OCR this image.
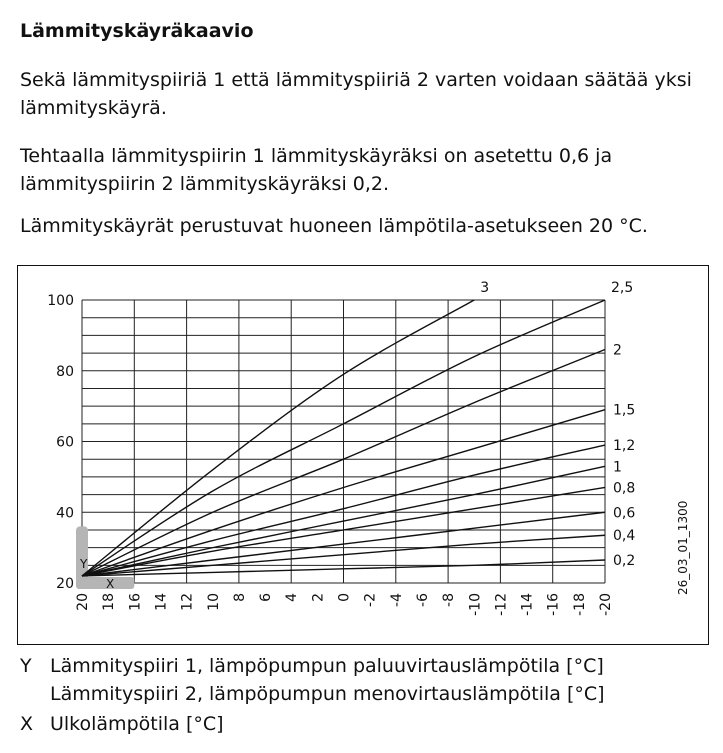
Lämmityskäyräkaavio

Sekä lämmityspiiriä 1 että lämmityspiiriä 2 varten voidaan säätää yksi lämmityskäyrä.

Tehtaalla lämmityspiirin 1 lämmityskäyräksi on asetettu 0,6 ja lämmityspiirin 2 lämmityskäyräksi 0,2.

Lämmityskäyrät perustuvat huoneen lämpötila-asetukseen 20 °C.

20
40
60
80
100
20 18 16 14 12 10 8 6 4 2 0 -2 -4 -6 -8 -10 -12 -14 -16 -18 -20
0,2
0,4
0,6
0,8
1
1,2
1,5
2
2,5
3
Y
X	26_03_01_1300

Y Lämmityspiiri 1, lämpöpumpun paluuvirtauslämpötila [°C]

Lämmityspiiri 2, lämpöpumpun menovirtauslämpötila [°C]

X Ulkolämpötila [°C]
